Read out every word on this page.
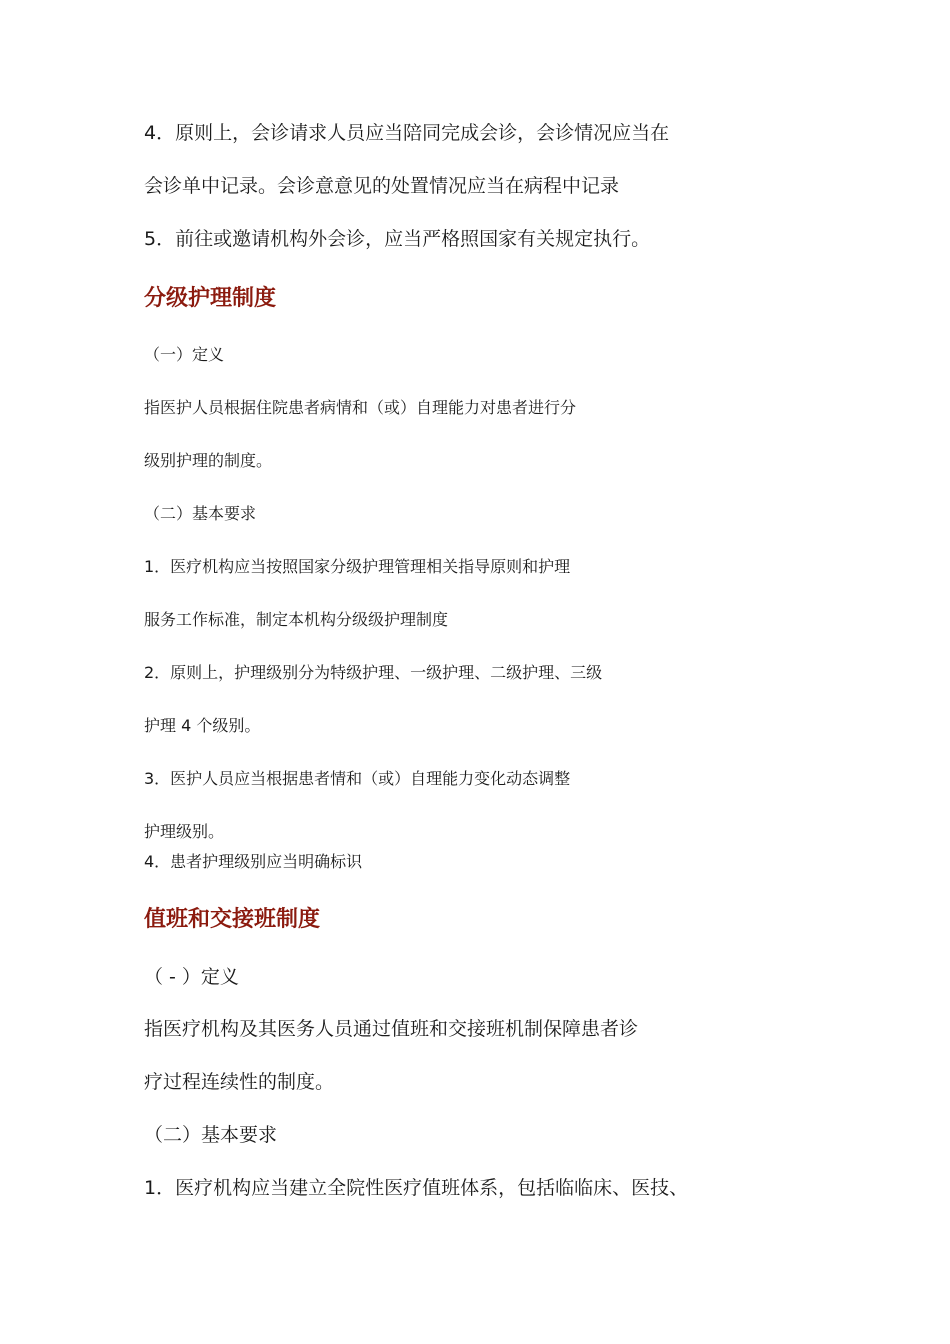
4．原则上，会诊请求人员应当陪同完成会诊，会诊情况应当在
会诊单中记录。会诊意意见的处置情况应当在病程中记录
5．前往或邀请机构外会诊，应当严格照国家有关规定执行。
分级护理制度
（一）定义
指医护人员根据住院患者病情和（或）自理能力对患者进行分
级别护理的制度。
（二）基本要求
1．医疗机构应当按照国家分级护理管理相关指导原则和护理
服务工作标准，制定本机构分级级护理制度
2．原则上，护理级别分为特级护理、一级护理、二级护理、三级
护理 4 个级别。
3．医护人员应当根据患者情和（或）自理能力变化动态调整
护理级别。
4．患者护理级别应当明确标识
值班和交接班制度
（ - ）定义
指医疗机构及其医务人员通过值班和交接班机制保障患者诊
疗过程连续性的制度。
（二）基本要求
1．医疗机构应当建立全院性医疗值班体系，包括临临床、医技、
